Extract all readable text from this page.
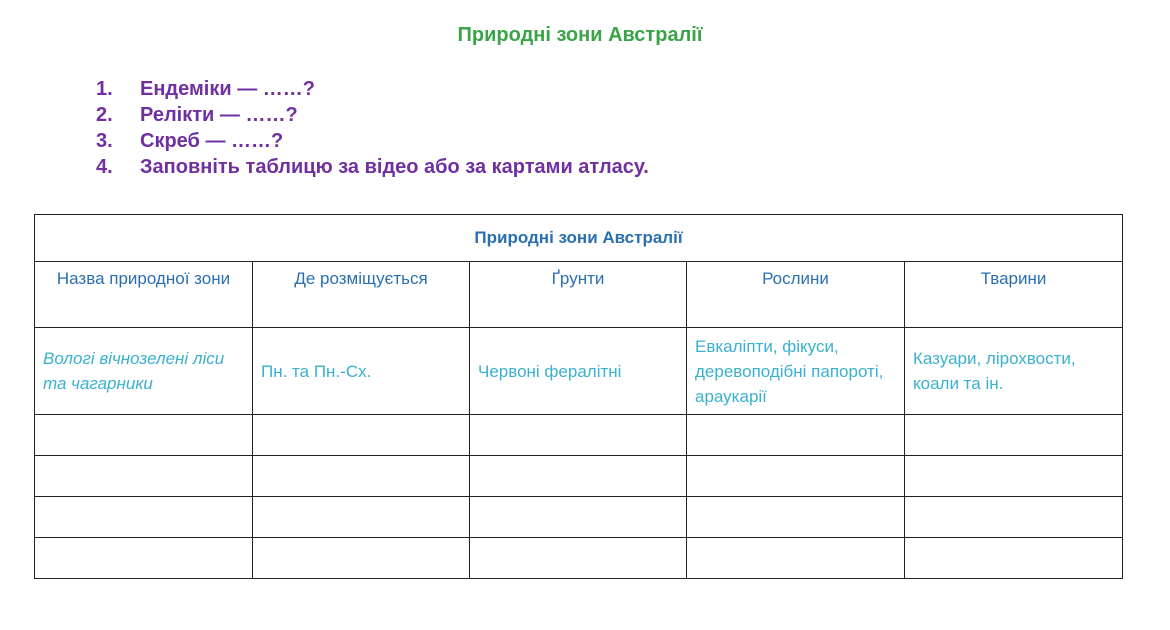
Природні зони Австралії
1.	Ендеміки — ……?
2.	Релікти — ……?
3.	Скреб — ……?
4.	Заповніть таблицю за відео або за картами атласу.
Природні зони Австралії				
Назва природної зони	Де розміщується	Ґрунти	Рослини	Тварини
Вологі вічнозелені ліси та чагарники	Пн. та Пн.-Сх.	Червоні фералітні	Евкаліпти, фікуси, деревоподібні папороті, араукарії	Казуари, лірохвости, коали та ін.
